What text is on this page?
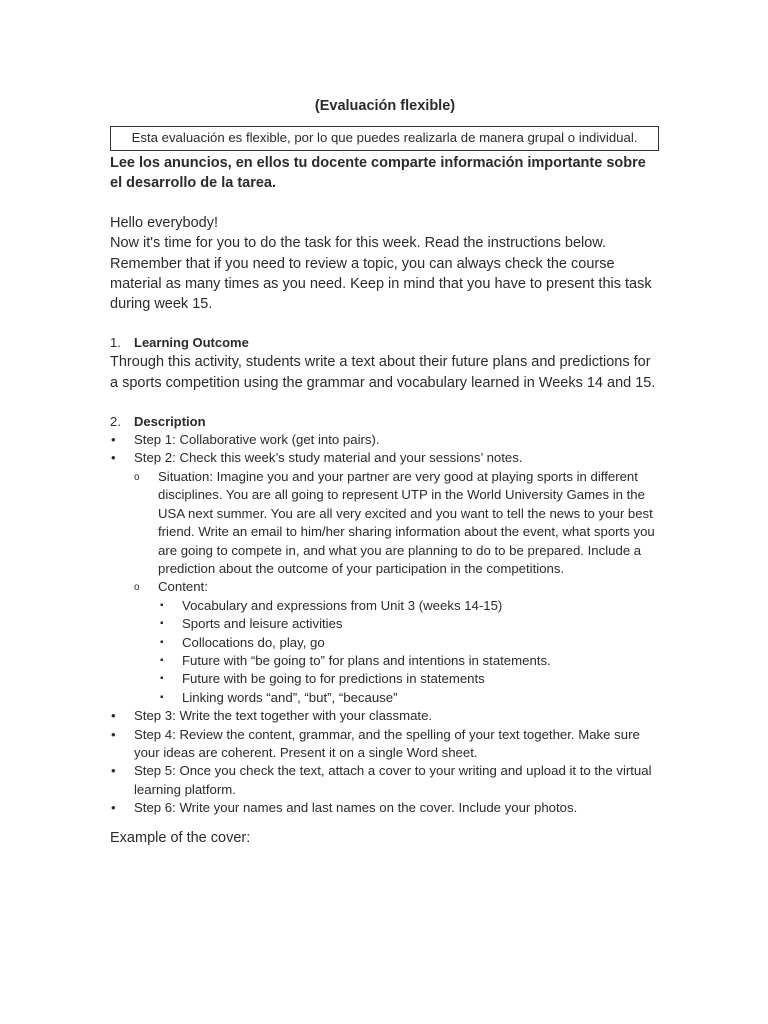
(Evaluación flexible)
Esta evaluación es flexible, por lo que puedes realizarla de manera grupal o individual.
Lee los anuncios, en ellos tu docente comparte información importante sobre el desarrollo de la tarea.
Hello everybody!
Now it's time for you to do the task for this week. Read the instructions below. Remember that if you need to review a topic, you can always check the course material as many times as you need. Keep in mind that you have to present this task during week 15.
1.	Learning Outcome
Through this activity, students write a text about their future plans and predictions for a sports competition using the grammar and vocabulary learned in Weeks 14 and 15.
2.	Description
• Step 1: Collaborative work (get into pairs).
• Step 2: Check this week’s study material and your sessions’ notes.
o Situation: Imagine you and your partner are very good at playing sports in different disciplines. You are all going to represent UTP in the World University Games in the USA next summer. You are all very excited and you want to tell the news to your best friend. Write an email to him/her sharing information about the event, what sports you are going to compete in, and what you are planning to do to be prepared. Include a prediction about the outcome of your participation in the competitions.
o Content:
▪ Vocabulary and expressions from Unit 3 (weeks 14-15)
▪ Sports and leisure activities
▪ Collocations do, play, go
▪ Future with “be going to” for plans and intentions in statements.
▪ Future with be going to for predictions in statements
▪ Linking words “and”, “but”, “because”
• Step 3: Write the text together with your classmate.
• Step 4: Review the content, grammar, and the spelling of your text together. Make sure your ideas are coherent. Present it on a single Word sheet.
• Step 5: Once you check the text, attach a cover to your writing and upload it to the virtual learning platform.
• Step 6: Write your names and last names on the cover. Include your photos.
Example of the cover:
